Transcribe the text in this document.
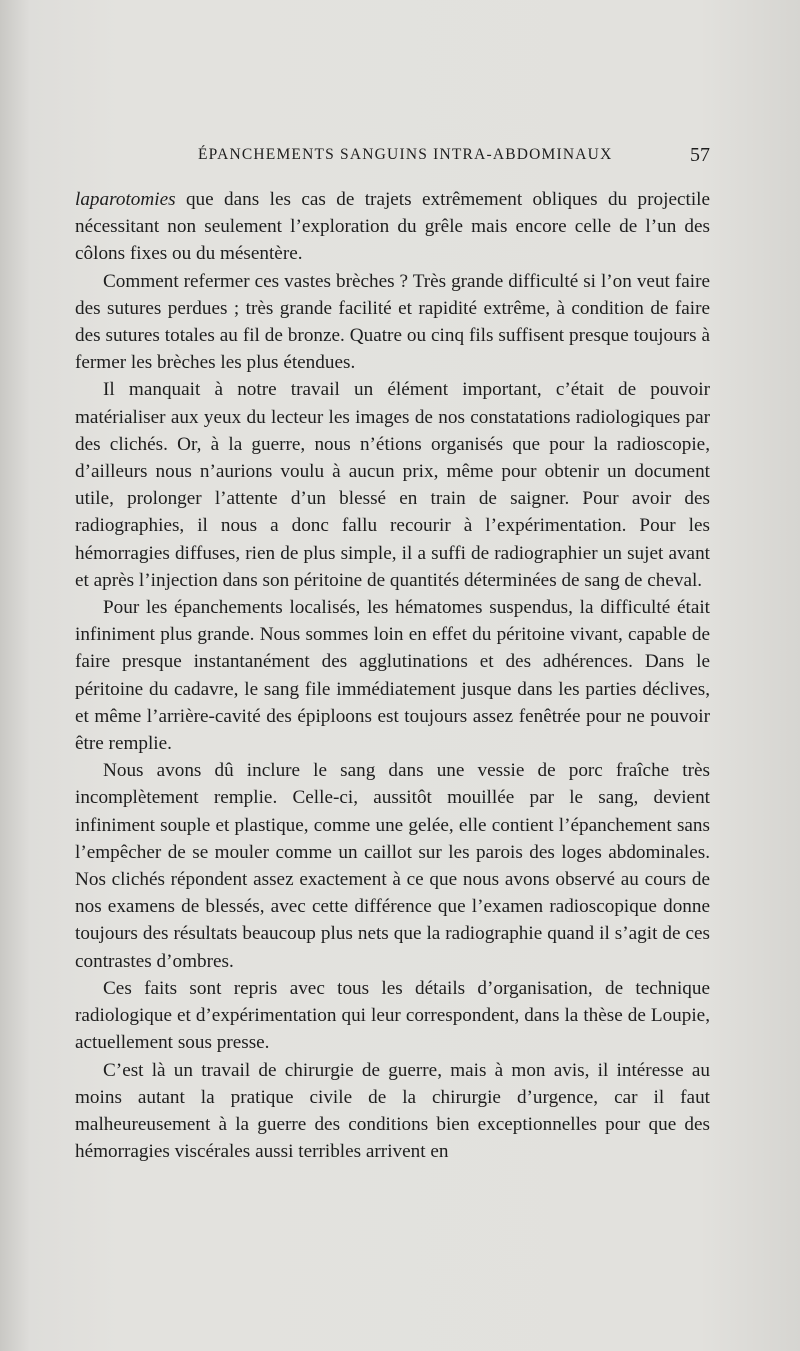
ÉPANCHEMENTS SANGUINS INTRA-ABDOMINAUX	57

laparotomies que dans les cas de trajets extrêmement obliques du projectile nécessitant non seulement l’exploration du grêle mais encore celle de l’un des côlons fixes ou du mésentère.

Comment refermer ces vastes brèches ? Très grande difficulté si l’on veut faire des sutures perdues ; très grande facilité et rapidité extrême, à condition de faire des sutures totales au fil de bronze. Quatre ou cinq fils suffisent presque toujours à fermer les brèches les plus étendues.

Il manquait à notre travail un élément important, c’était de pouvoir matérialiser aux yeux du lecteur les images de nos constatations radiologiques par des clichés. Or, à la guerre, nous n’étions organisés que pour la radioscopie, d’ailleurs nous n’aurions voulu à aucun prix, même pour obtenir un document utile, prolonger l’attente d’un blessé en train de saigner. Pour avoir des radiographies, il nous a donc fallu recourir à l’expérimentation. Pour les hémorragies diffuses, rien de plus simple, il a suffi de radiographier un sujet avant et après l’injection dans son péritoine de quantités déterminées de sang de cheval.

Pour les épanchements localisés, les hématomes suspendus, la difficulté était infiniment plus grande. Nous sommes loin en effet du péritoine vivant, capable de faire presque instantanément des agglutinations et des adhérences. Dans le péritoine du cadavre, le sang file immédiatement jusque dans les parties déclives, et même l’arrière-cavité des épiploons est toujours assez fenêtrée pour ne pouvoir être remplie.

Nous avons dû inclure le sang dans une vessie de porc fraîche très incomplètement remplie. Celle-ci, aussitôt mouillée par le sang, devient infiniment souple et plastique, comme une gelée, elle contient l’épanchement sans l’empêcher de se mouler comme un caillot sur les parois des loges abdominales. Nos clichés répondent assez exactement à ce que nous avons observé au cours de nos examens de blessés, avec cette différence que l’examen radioscopique donne toujours des résultats beaucoup plus nets que la radiographie quand il s’agit de ces contrastes d’ombres.

Ces faits sont repris avec tous les détails d’organisation, de technique radiologique et d’expérimentation qui leur correspondent, dans la thèse de Loupie, actuellement sous presse.

C’est là un travail de chirurgie de guerre, mais à mon avis, il intéresse au moins autant la pratique civile de la chirurgie d’urgence, car il faut malheureusement à la guerre des conditions bien exceptionnelles pour que des hémorragies viscérales aussi terribles arrivent en
